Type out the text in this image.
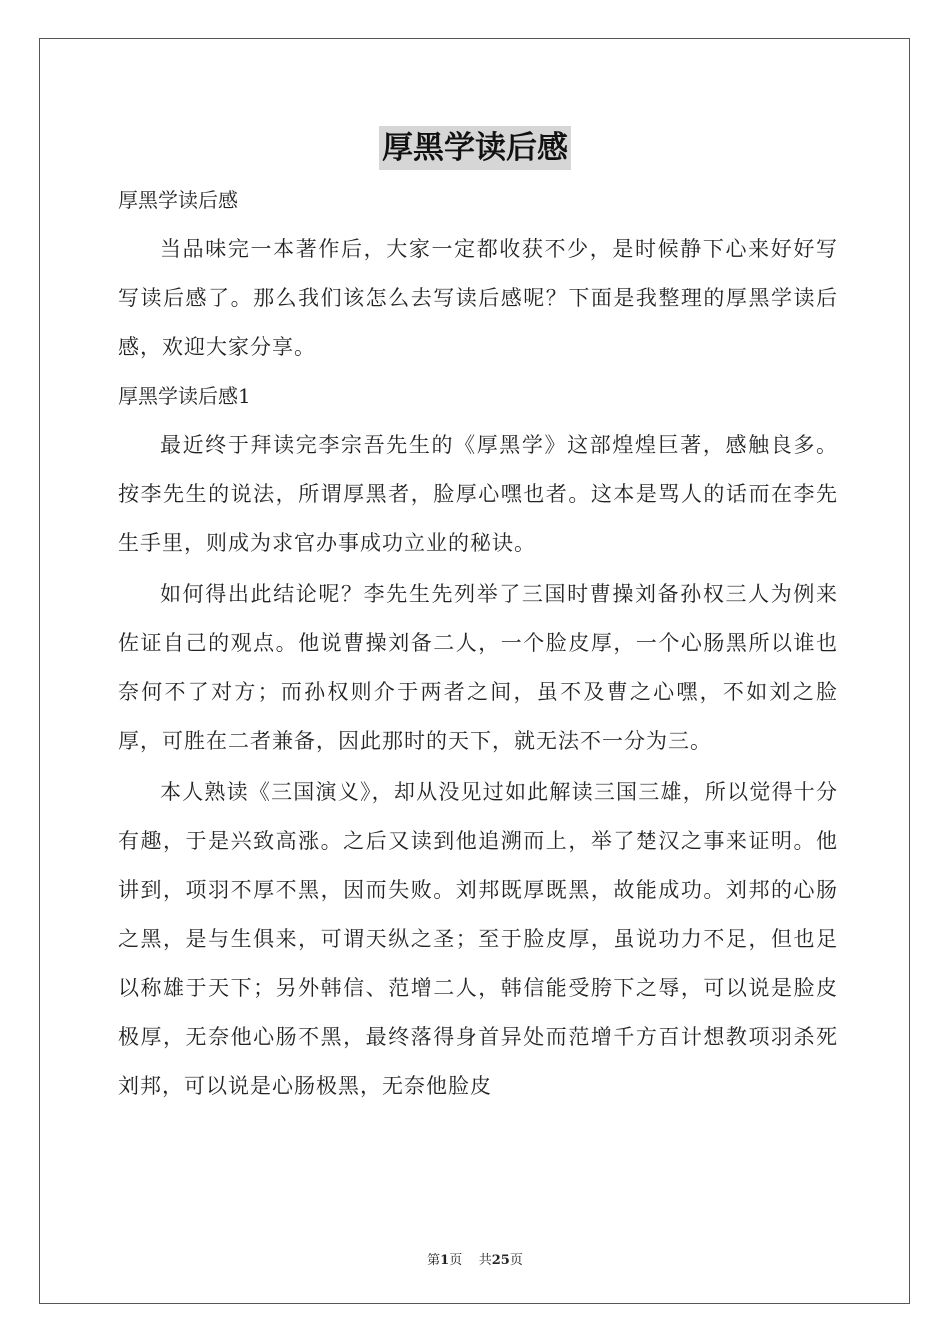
厚黑学读后感

厚黑学读后感

当品味完一本著作后，大家一定都收获不少，是时候静下心来好好写写读后感了。那么我们该怎么去写读后感呢？下面是我整理的厚黑学读后感，欢迎大家分享。

厚黑学读后感1

最近终于拜读完李宗吾先生的《厚黑学》这部煌煌巨著，感触良多。按李先生的说法，所谓厚黑者，脸厚心嘿也者。这本是骂人的话而在李先生手里，则成为求官办事成功立业的秘诀。

如何得出此结论呢？李先生先列举了三国时曹操刘备孙权三人为例来佐证自己的观点。他说曹操刘备二人，一个脸皮厚，一个心肠黑所以谁也奈何不了对方；而孙权则介于两者之间，虽不及曹之心嘿，不如刘之脸厚，可胜在二者兼备，因此那时的天下，就无法不一分为三。

本人熟读《三国演义》，却从没见过如此解读三国三雄，所以觉得十分有趣，于是兴致高涨。之后又读到他追溯而上，举了楚汉之事来证明。他讲到，项羽不厚不黑，因而失败。刘邦既厚既黑，故能成功。刘邦的心肠之黑，是与生俱来，可谓天纵之圣；至于脸皮厚，虽说功力不足，但也足以称雄于天下；另外韩信、范增二人，韩信能受胯下之辱，可以说是脸皮极厚，无奈他心肠不黑，最终落得身首异处而范增千方百计想教项羽杀死刘邦，可以说是心肠极黑，无奈他脸皮

第1页 共25页
